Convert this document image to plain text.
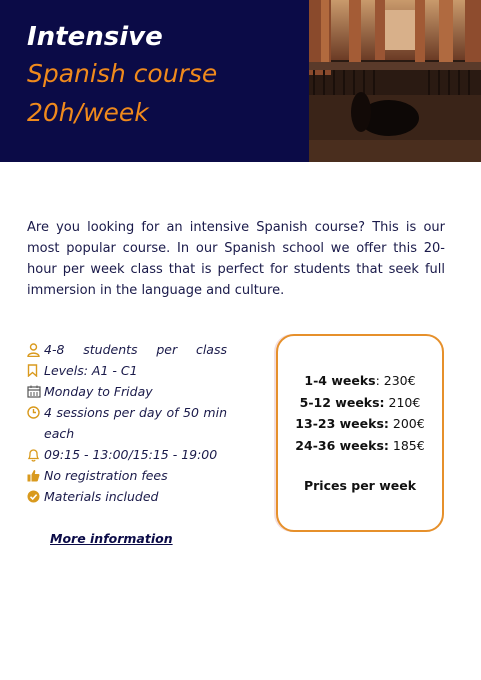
Intensive
Spanish course
20h/week
Are you looking for an intensive Spanish course? This is our most popular course. In our Spanish school we offer this 20-hour per week class that is perfect for students that seek full immersion in the language and culture.
4-8 students per class
Levels: A1 - C1
Monday to Friday
4 sessions per day of 50 min each
09:15 - 13:00/15:15 - 19:00
No registration fees
Materials included
More information
1-4 weeks: 230€
5-12 weeks: 210€
13-23 weeks: 200€
24-36 weeks: 185€
Prices per week
